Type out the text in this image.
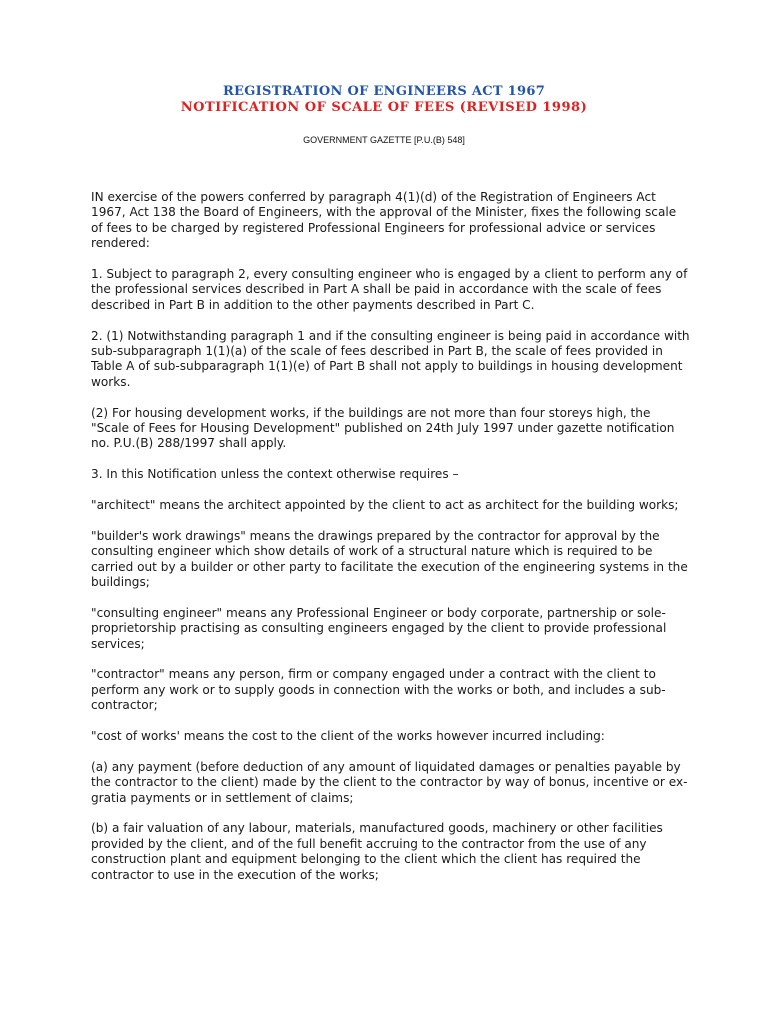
REGISTRATION OF ENGINEERS ACT 1967
NOTIFICATION OF SCALE OF FEES (REVISED 1998)
GOVERNMENT GAZETTE [P.U.(B) 548]

IN exercise of the powers conferred by paragraph 4(1)(d) of the Registration of Engineers Act 1967, Act 138 the Board of Engineers, with the approval of the Minister, fixes the following scale of fees to be charged by registered Professional Engineers for professional advice or services rendered:

1. Subject to paragraph 2, every consulting engineer who is engaged by a client to perform any of the professional services described in Part A shall be paid in accordance with the scale of fees described in Part B in addition to the other payments described in Part C.

2. (1) Notwithstanding paragraph 1 and if the consulting engineer is being paid in accordance with sub-subparagraph 1(1)(a) of the scale of fees described in Part B, the scale of fees provided in Table A of sub-subparagraph 1(1)(e) of Part B shall not apply to buildings in housing development works.

(2) For housing development works, if the buildings are not more than four storeys high, the "Scale of Fees for Housing Development" published on 24th July 1997 under gazette notification no. P.U.(B) 288/1997 shall apply.

3. In this Notification unless the context otherwise requires –

"architect" means the architect appointed by the client to act as architect for the building works;

"builder's work drawings" means the drawings prepared by the contractor for approval by the consulting engineer which show details of work of a structural nature which is required to be carried out by a builder or other party to facilitate the execution of the engineering systems in the buildings;

"consulting engineer" means any Professional Engineer or body corporate, partnership or sole-proprietorship practising as consulting engineers engaged by the client to provide professional services;

"contractor" means any person, firm or company engaged under a contract with the client to perform any work or to supply goods in connection with the works or both, and includes a sub-contractor;

"cost of works' means the cost to the client of the works however incurred including:

(a) any payment (before deduction of any amount of liquidated damages or penalties payable by the contractor to the client) made by the client to the contractor by way of bonus, incentive or ex-gratia payments or in settlement of claims;

(b) a fair valuation of any labour, materials, manufactured goods, machinery or other facilities provided by the client, and of the full benefit accruing to the contractor from the use of any construction plant and equipment belonging to the client which the client has required the contractor to use in the execution of the works;
